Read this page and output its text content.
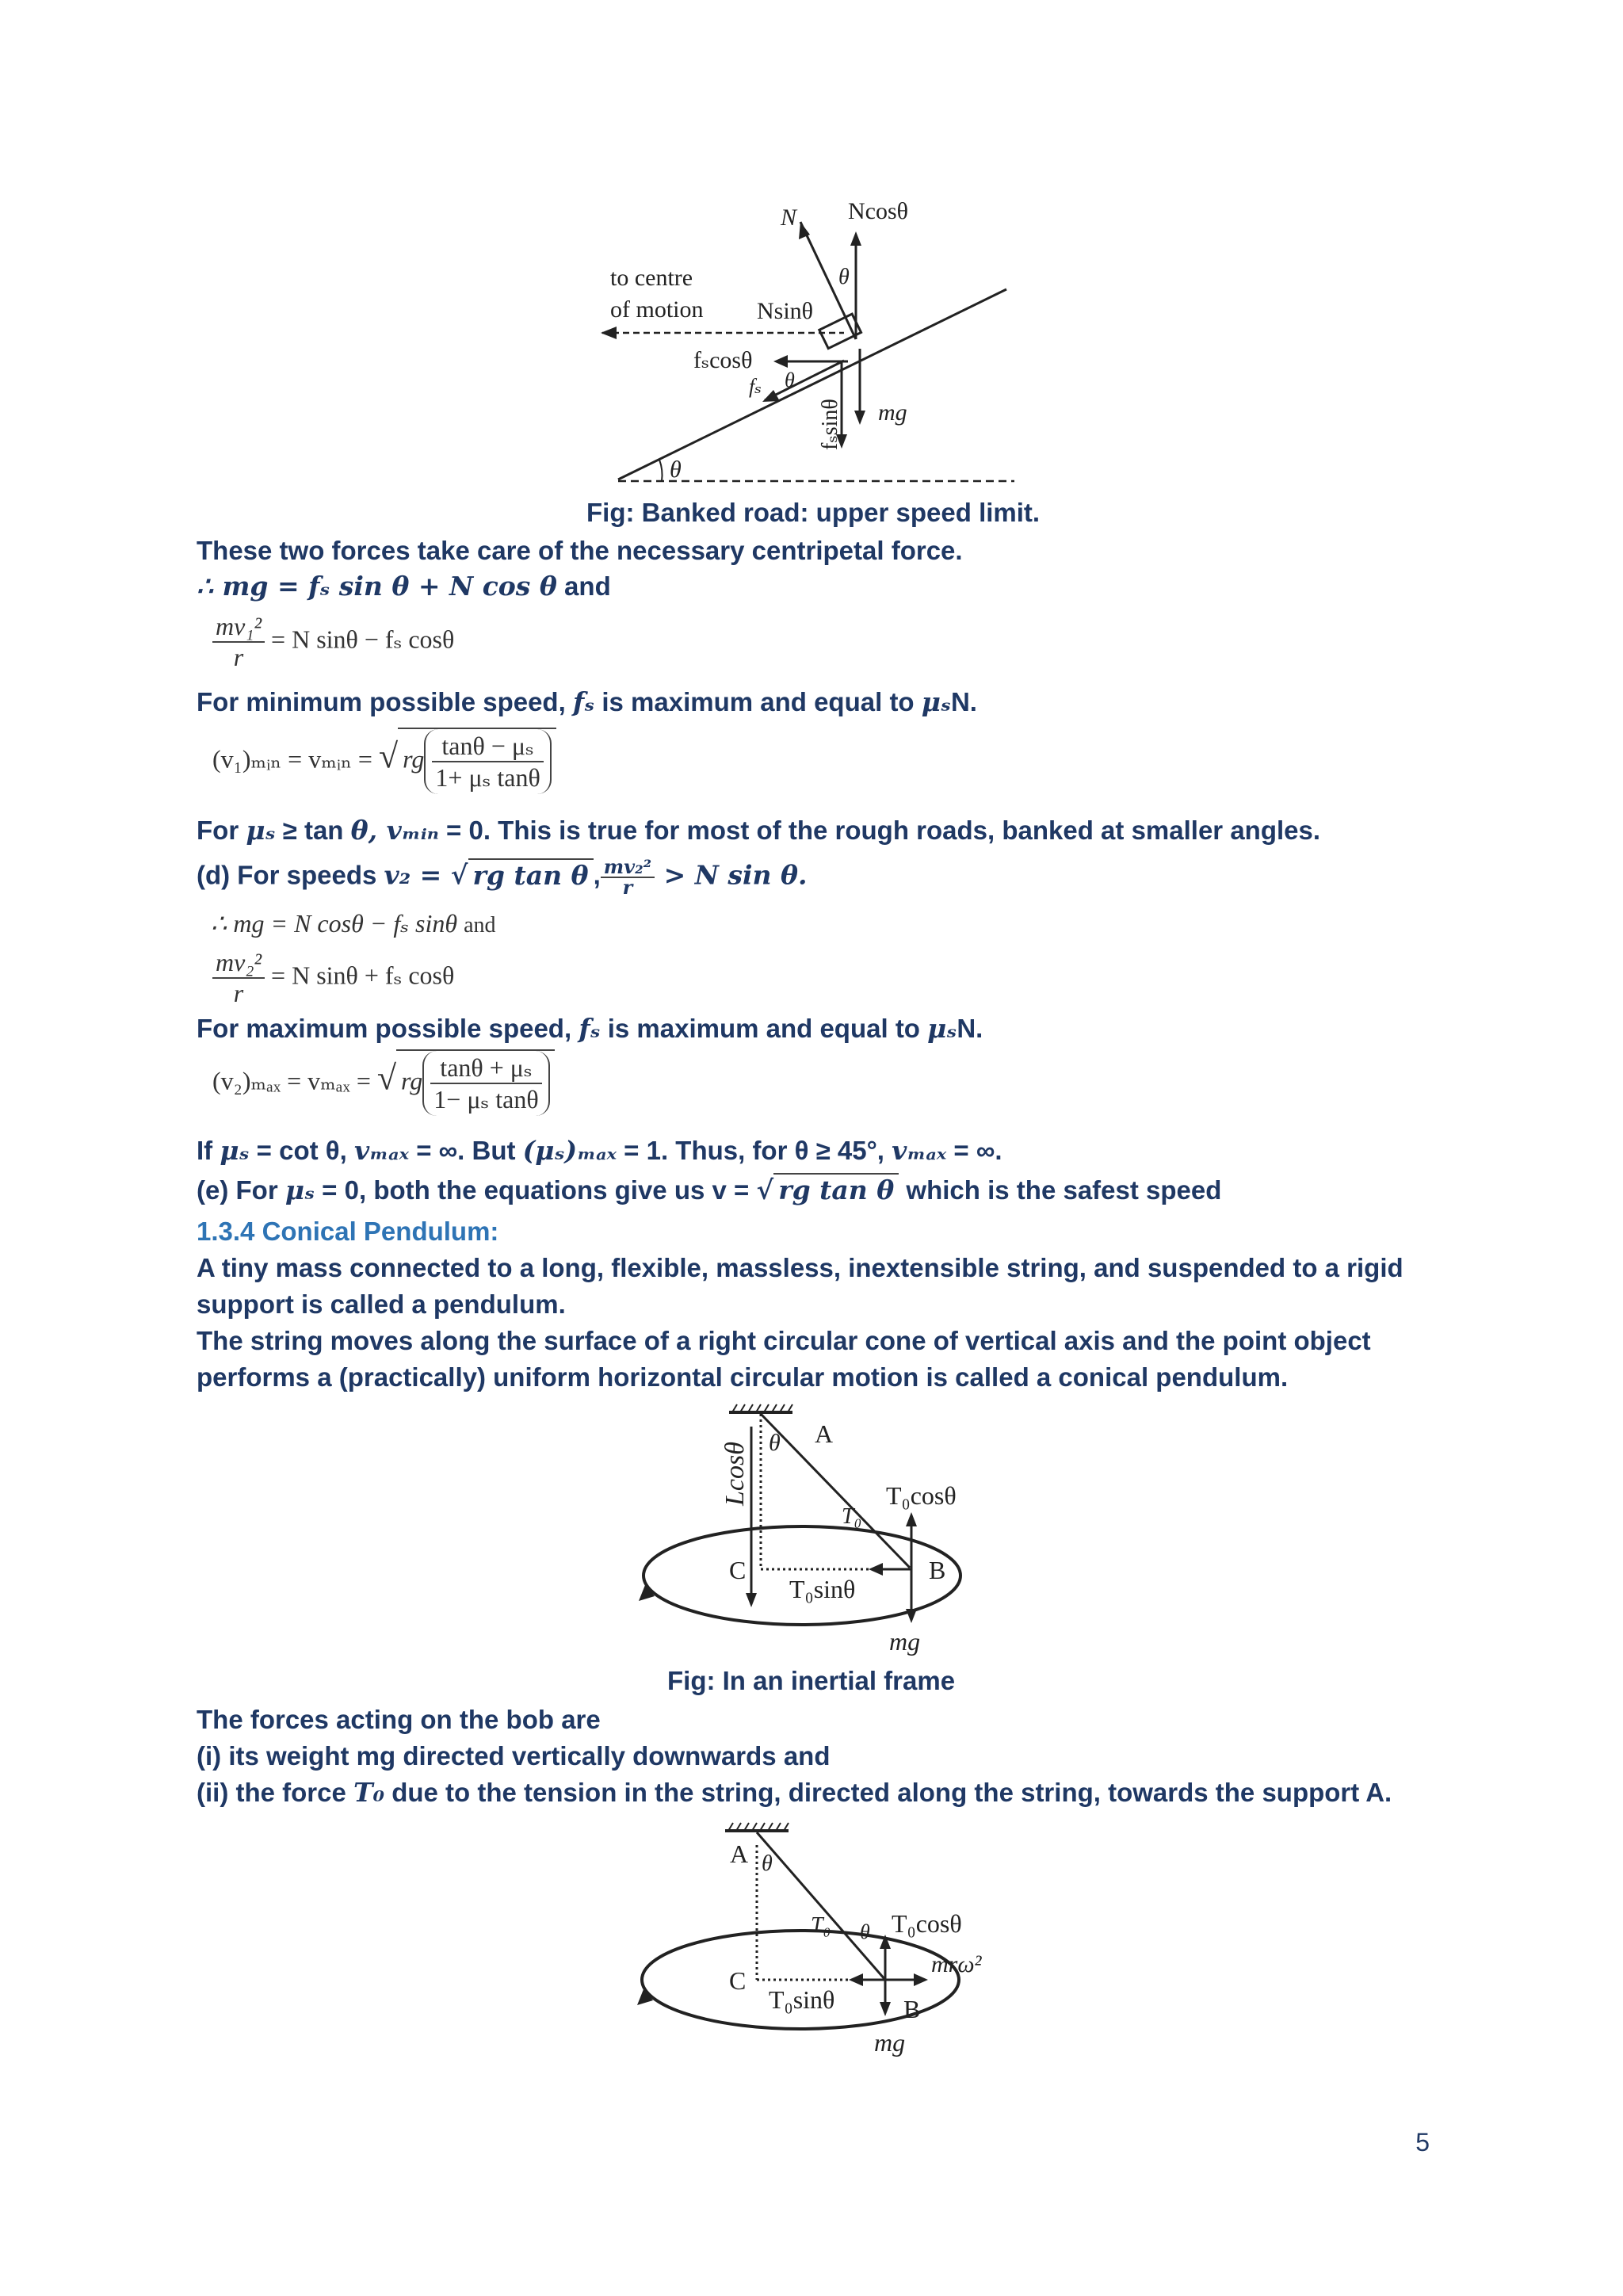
θ
Ncosθ
N
θ
to centre
of motion Nsinθ
fₛcosθ
θ
fₛ
fₛsinθ mg
Fig: Banked road: upper speed limit.
These two forces take care of the necessary centripetal force.
∴ mg = fₛ sin θ + N cos θ and
$\frac{\text{mv₁²}}{r} = N$ sinθ − fₛ cosθ
For minimum possible speed, fₛ is maximum and equal to μₛN.
(v₁)ₘᵢₙ = vₘᵢₙ = √ rg $\frac{\text{tanθ − μₛ}}{\text{1+ μₛ tanθ}}$
For μₛ ≥ tan θ, vₘᵢₙ = 0. This is true for most of the rough roads, banked at smaller angles.
(d) For speeds v₂ = √ rg tan θ , $\frac{\text{mv₂²}}{r} > N$ sin θ.
∴ mg = N cosθ − fₛ sinθ and
$\frac{\text{mv₂²}}{r} = N$ sinθ + fₛ cosθ
For maximum possible speed, fₛ is maximum and equal to μₛN.
(v₂)ₘₐₓ = vₘₐₓ = √ rg $\frac{\text{tanθ + μₛ}}{\text{1− μₛ tanθ}}$
If μₛ = cot θ, vₘₐₓ = ∞. But (μₛ)ₘₐₓ = 1. Thus, for θ ≥ 45°, vₘₐₓ = ∞.
(e) For μₛ = 0, both the equations give us v = √ rg tan θ which is the safest speed
1.3.4 Conical Pendulum:
A tiny mass connected to a long, flexible, massless, inextensible string, and suspended to a rigid
support is called a pendulum.
The string moves along the surface of a right circular cone of vertical axis and the point object
performs a (practically) uniform horizontal circular motion is called a conical pendulum.
Lcosθ
A
θ
T₀
T₀cosθ
T₀sinθ
mg
C	B
Fig: In an inertial frame
The forces acting on the bob are
(i) its weight mg directed vertically downwards and
(ii) the force T₀ due to the tension in the string, directed along the string, towards the support A.
A θ
T₀ θ T₀cosθ
mrω²
T₀sinθ
mg
C
B
5
